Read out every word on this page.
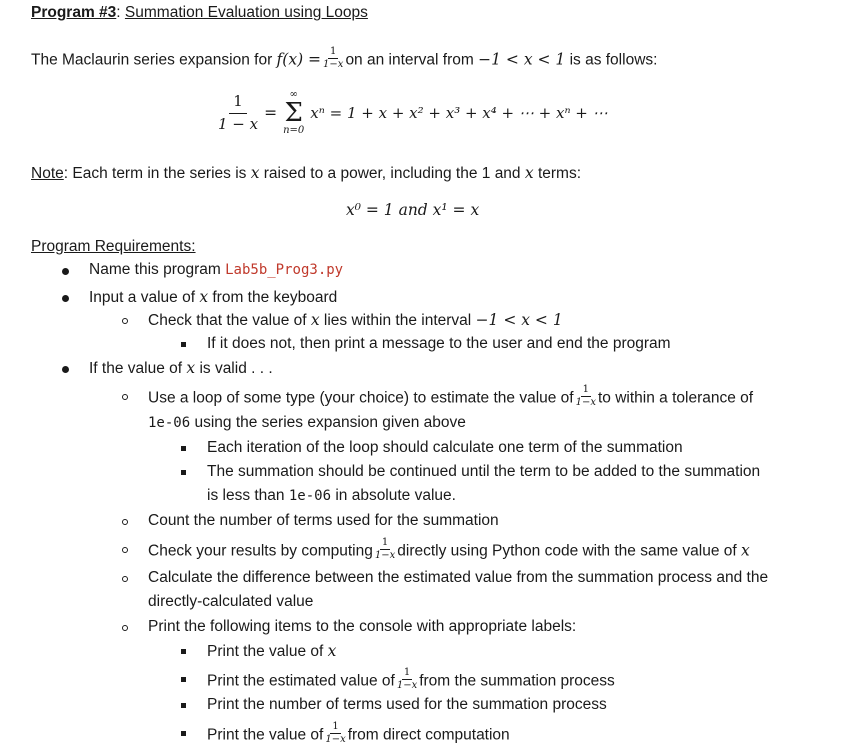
Program #3: Summation Evaluation using Loops
The Maclaurin series expansion for $f(x) = \frac{1}{1-x}$ on an interval from −1 < x < 1 is as follows:
$\frac{1}{1 - x}$ =
∞
Σ
n=0
xⁿ = 1 + x + x² + x³ + x⁴ + ⋯ + xⁿ + ⋯
Note: Each term in the series is x raised to a power, including the 1 and x terms:
x⁰ = 1 and x¹ = x
Program Requirements:
Name this program Lab5b_Prog3.py
Input a value of x from the keyboard
Check that the value of x lies within the interval −1 < x < 1
If it does not, then print a message to the user and end the program
If the value of x is valid . . .
Use a loop of some type (your choice) to estimate the value of $\frac{1}{1-x}$ to within a tolerance of
1e-06 using the series expansion given above
Each iteration of the loop should calculate one term of the summation
The summation should be continued until the term to be added to the summation
is less than 1e-06 in absolute value.
Count the number of terms used for the summation
Check your results by computing $\frac{1}{1-x}$ directly using Python code with the same value of x
Calculate the difference between the estimated value from the summation process and the
directly-calculated value
Print the following items to the console with appropriate labels:
Print the value of x
Print the estimated value of $\frac{1}{1-x}$ from the summation process
Print the number of terms used for the summation process
Print the value of $\frac{1}{1-x}$ from direct computation
